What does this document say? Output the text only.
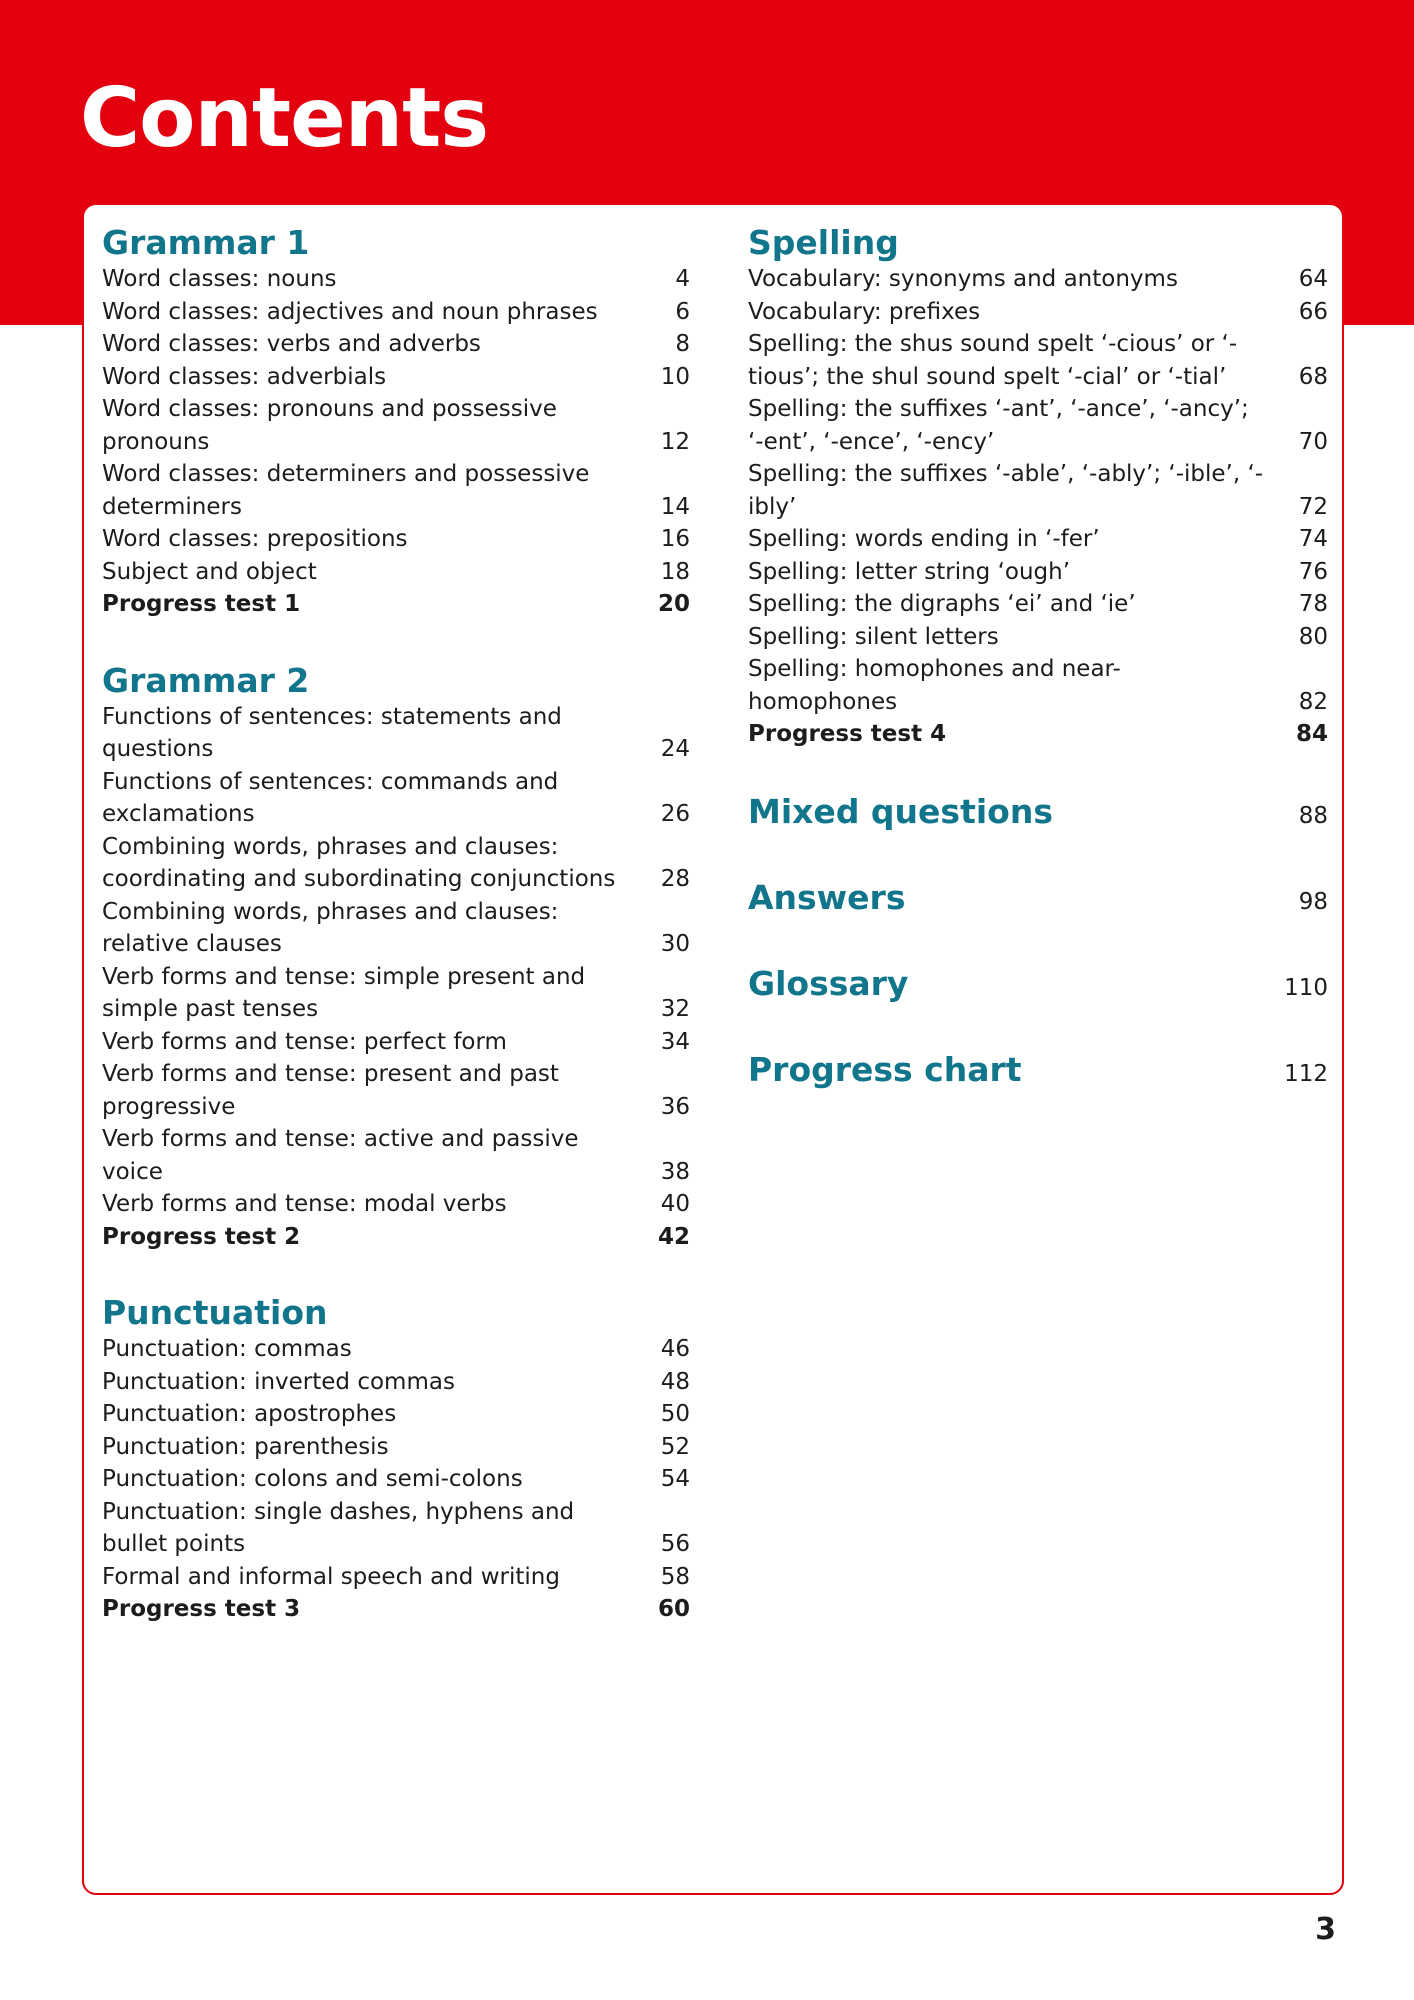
Contents
Grammar 1
Word classes: nouns	4
Word classes: adjectives and noun phrases	6
Word classes: verbs and adverbs	8
Word classes: adverbials	10
Word classes: pronouns and possessive pronouns	12
Word classes: determiners and possessive determiners	14
Word classes: prepositions	16
Subject and object	18
Progress test 1	20
Grammar 2
Functions of sentences: statements and questions	24
Functions of sentences: commands and exclamations	26
Combining words, phrases and clauses: coordinating and subordinating conjunctions 28
Combining words, phrases and clauses: relative clauses	30
Verb forms and tense: simple present and simple past tenses	32
Verb forms and tense: perfect form	34
Verb forms and tense: present and past progressive	36
Verb forms and tense: active and passive voice	38
Verb forms and tense: modal verbs	40
Progress test 2	42
Punctuation
Punctuation: commas	46
Punctuation: inverted commas	48
Punctuation: apostrophes	50
Punctuation: parenthesis	52
Punctuation: colons and semi-colons	54
Punctuation: single dashes, hyphens and bullet points	56
Formal and informal speech and writing	58
Progress test 3	60
Spelling
Vocabulary: synonyms and antonyms	64
Vocabulary: prefixes	66
Spelling: the shus sound spelt ‘-cious’ or ‘-tious’; the shul sound spelt ‘-cial’ or ‘-tial’	68
Spelling: the suffixes ‘-ant’, ‘-ance’, ‘-ancy’; ‘-ent’, ‘-ence’, ‘-ency’	70
Spelling: the suffixes ‘-able’, ‘-ably’; ‘-ible’, ‘-ibly’	72
Spelling: words ending in ‘-fer’	74
Spelling: letter string ‘ough’	76
Spelling: the digraphs ‘ei’ and ‘ie’	78
Spelling: silent letters	80
Spelling: homophones and near-homophones	82
Progress test 4	84
Mixed questions	88
Answers	98
Glossary	110
Progress chart	112
3
